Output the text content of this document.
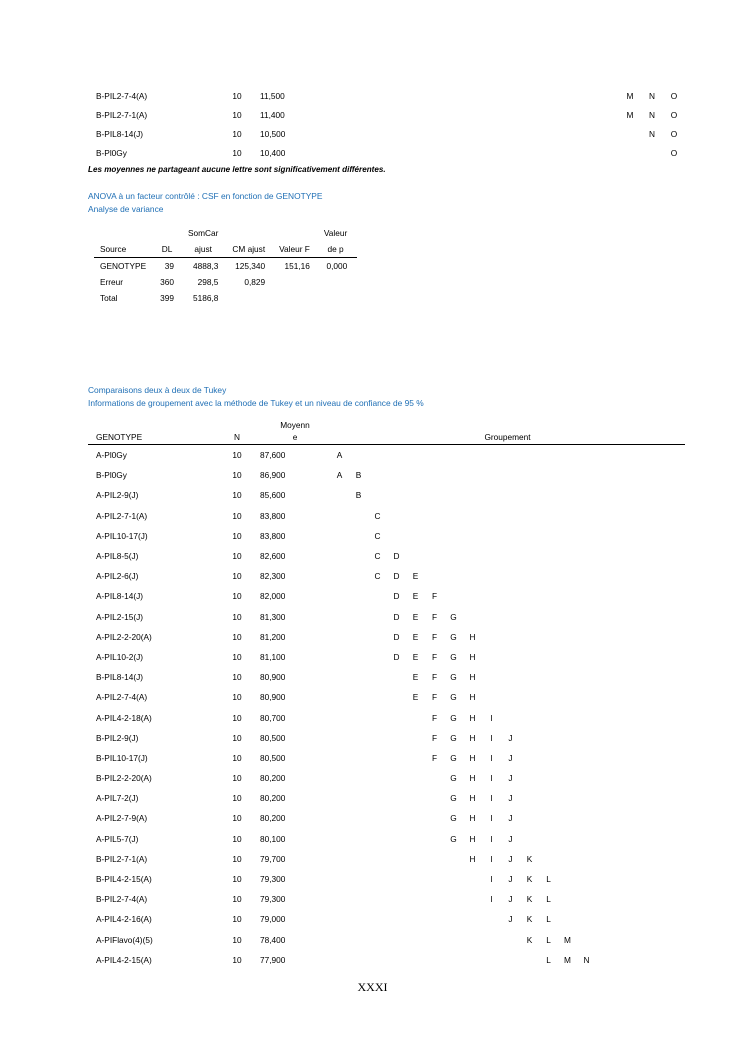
B-PIL2-7-4(A)	10	11,500		M	N	O
B-PIL2-7-1(A)	10	11,400		M	N	O
B-PIL8-14(J)	10	10,500			N	O
B-Pl0Gy	10	10,400				O
Les moyennes ne partageant aucune lettre sont significativement différentes.
ANOVA à un facteur contrôlé : CSF en fonction de GENOTYPE
Analyse de variance
		SomCar			Valeur
Source	DL	ajust	CM ajust	Valeur F	de p
GENOTYPE	39	4888,3	125,340	151,16	0,000
Erreur	360	298,5	0,829		
Total	399	5186,8			
Comparaisons deux à deux de Tukey
Informations de groupement avec la méthode de Tukey et un niveau de confiance de 95 %
		Moyenn	
GENOTYPE	N	e	Groupement
A-Pl0Gy	10	87,600	A
B-Pl0Gy	10	86,900	A B
A-PIL2-9(J)	10	85,600	B
A-PIL2-7-1(A)	10	83,800	C
A-PIL10-17(J)	10	83,800	C
A-PIL8-5(J)	10	82,600	C D
A-PIL2-6(J)	10	82,300	C D E
A-PIL8-14(J)	10	82,000	D E F
A-PIL2-15(J)	10	81,300	D E F G
A-PIL2-2-20(A)	10	81,200	D E F G H
A-PIL10-2(J)	10	81,100	D E F G H
B-PIL8-14(J)	10	80,900	E F G H
A-PIL2-7-4(A)	10	80,900	E F G H
A-PIL4-2-18(A)	10	80,700	F G H I
B-PIL2-9(J)	10	80,500	F G H I J
B-PIL10-17(J)	10	80,500	F G H I J
B-PIL2-2-20(A)	10	80,200	G H I J
A-PIL7-2(J)	10	80,200	G H I J
A-PIL2-7-9(A)	10	80,200	G H I J
A-PIL5-7(J)	10	80,100	G H I J
B-PIL2-7-1(A)	10	79,700	H I J K
B-PIL4-2-15(A)	10	79,300	I J K L
B-PIL2-7-4(A)	10	79,300	I J K L
A-PIL4-2-16(A)	10	79,000	J K L
A-PIFlavo(4)(5)	10	78,400	K L M
A-PIL4-2-15(A)	10	77,900	L M N
XXXI
